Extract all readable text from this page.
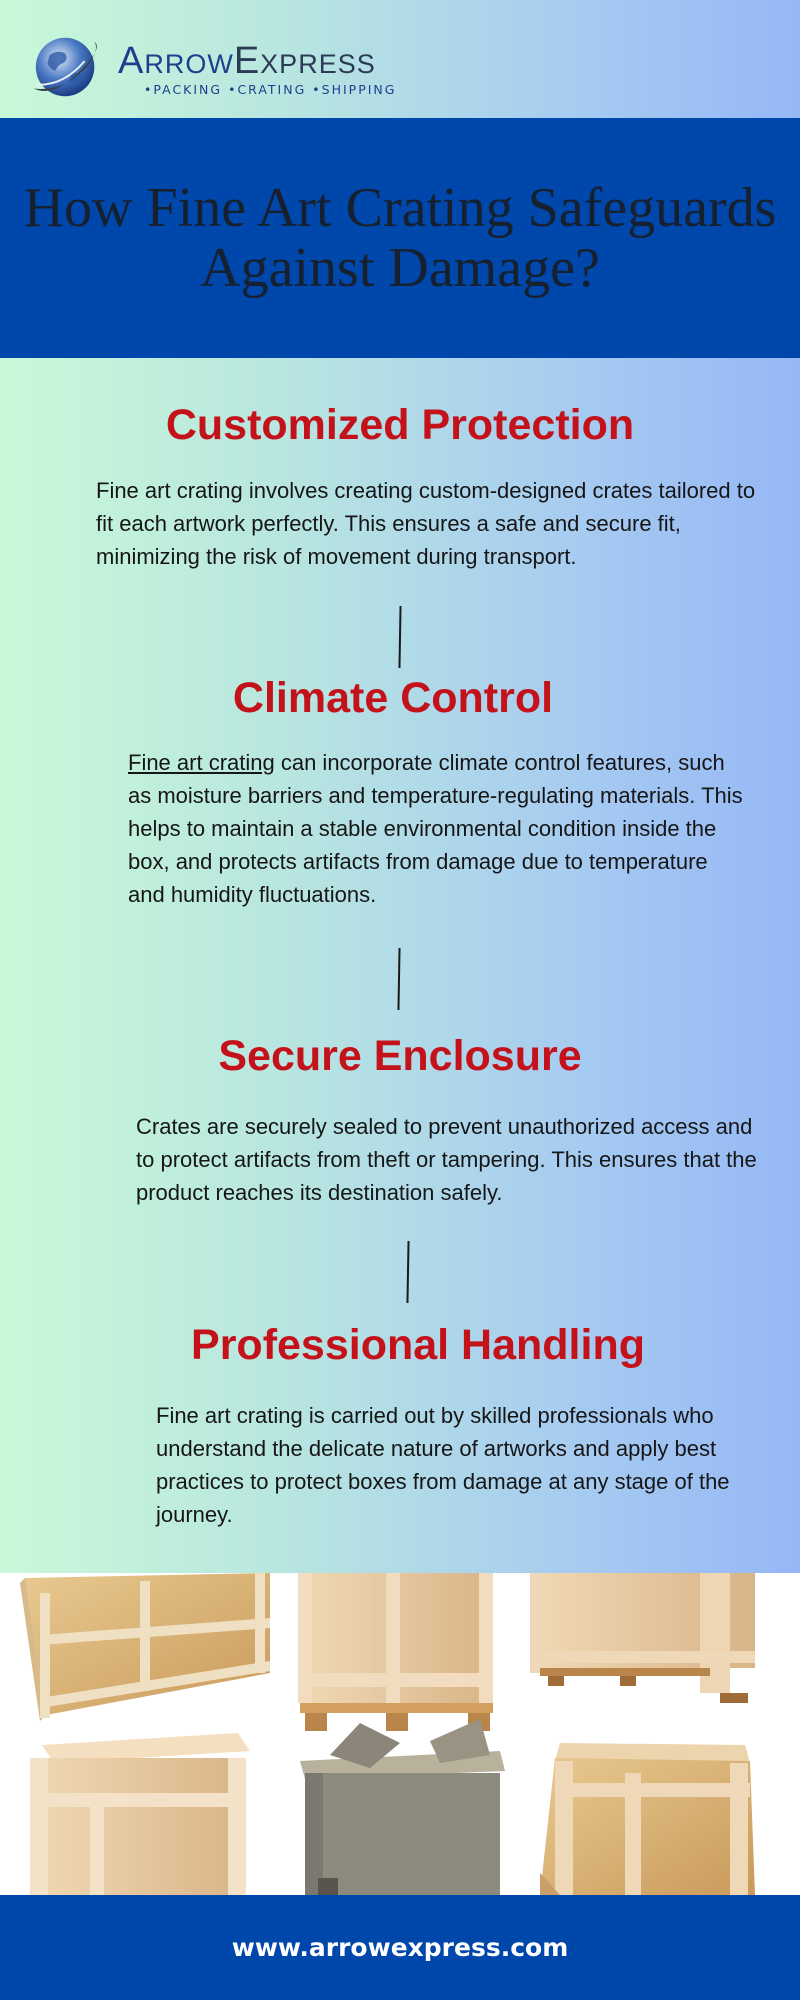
ArrowExpress
•PACKING •CRATING •SHIPPING
How Fine Art Crating Safeguards Against Damage?
Customized Protection
Fine art crating involves creating custom-designed crates tailored to fit each artwork perfectly. This ensures a safe and secure fit, minimizing the risk of movement during transport.
Climate Control
Fine art crating can incorporate climate control features, such as moisture barriers and temperature-regulating materials. This helps to maintain a stable environmental condition inside the box, and protects artifacts from damage due to temperature and humidity fluctuations.
Secure Enclosure
Crates are securely sealed to prevent unauthorized access and to protect artifacts from theft or tampering. This ensures that the product reaches its destination safely.
Professional Handling
Fine art crating is carried out by skilled professionals who understand the delicate nature of artworks and apply best practices to protect boxes from damage at any stage of the journey.
www.arrowexpress.com
